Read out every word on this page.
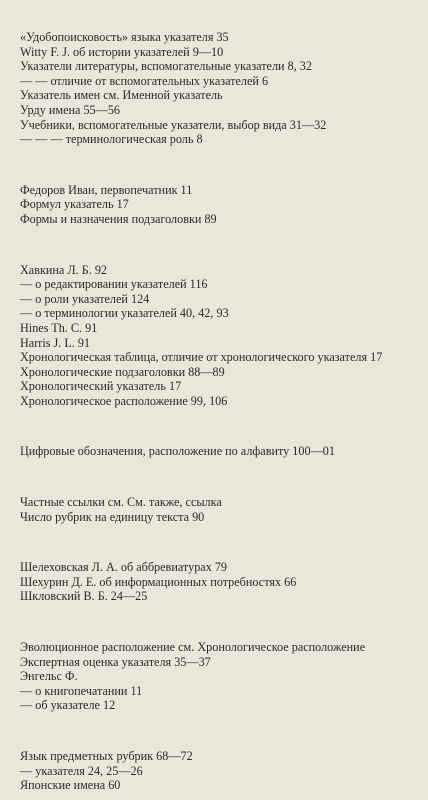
«Удобопоисковость» языка указателя 35
Witty F. J. об истории указателей 9—10
Указатели литературы, вспомогательные указатели 8, 32
— — отличие от вспомогательных указателей 6
Указатель имен см. Именной указатель
Урду имена 55—56
Учебники, вспомогательные указатели, выбор вида 31—32
— — — терминологическая роль 8
Федоров Иван, первопечатник 11
Формул указатель 17
Формы и назначения подзаголовки 89
Хавкина Л. Б. 92
— о редактировании указателей 116
— о роли указателей 124
— о терминологии указателей 40, 42, 93
Hines Th. C. 91
Harris J. L. 91
Хронологическая таблица, отличие от хронологического указателя 17
Хронологические подзаголовки 88—89
Хронологический указатель 17
Хронологическое расположение 99, 106
Цифровые обозначения, расположение по алфавиту 100—01
Частные ссылки см. См. также, ссылка
Число рубрик на единицу текста 90
Шелеховская Л. А. об аббревиатурах 79
Шехурин Д. Е. об информационных потребностях 66
Шкловский В. Б. 24—25
Эволюционное расположение см. Хронологическое расположение
Экспертная оценка указателя 35—37
Энгельс Ф.
— о книгопечатании 11
— об указателе 12
Язык предметных рубрик 68—72
— указателя 24, 25—26
Японские имена 60
